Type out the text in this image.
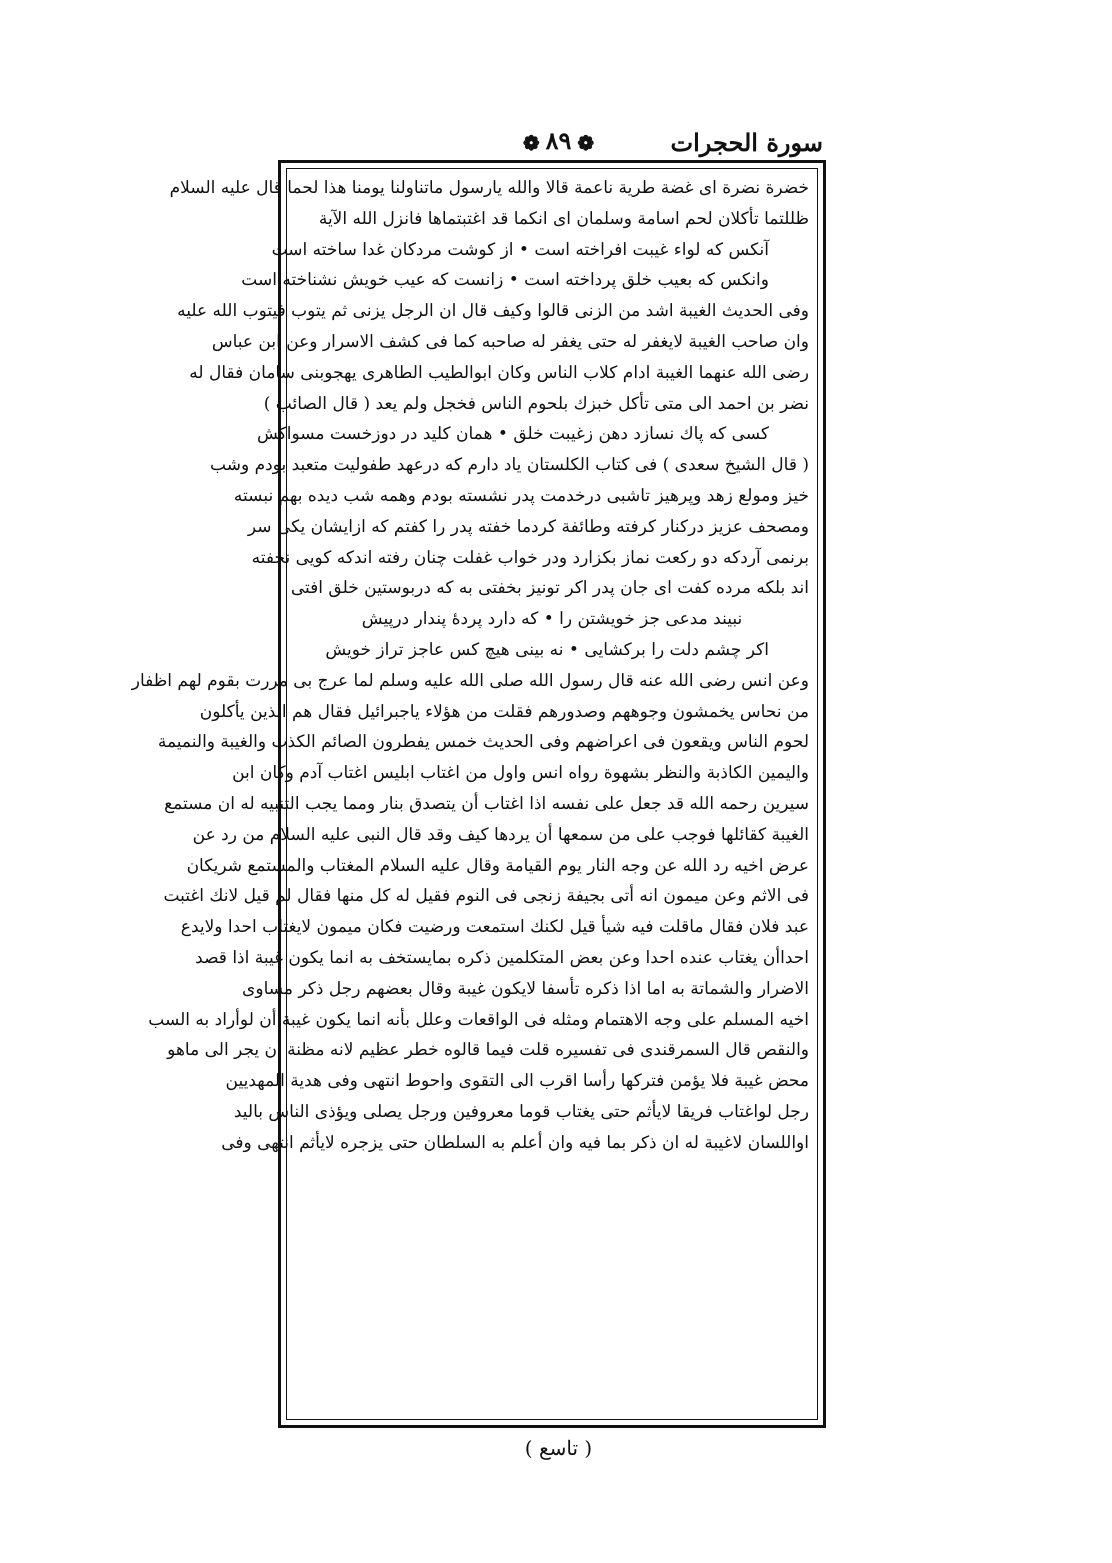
سورة الحجرات
❁ ٨٩ ❁
خضرة نضرة اى غضة طرية ناعمة قالا والله يارسول ماتناولنا يومنا هذا لحما قال عليه السلام
ظللتما تأكلان لحم اسامة وسلمان اى انكما قد اغتبتماها فانزل الله الآية
آنكس كه لواء غيبت افراخته است • از كوشت مردكان غدا ساخته است
وانكس كه بعيب خلق پرداخته است • زانست كه عيب خويش نشناخته است
وفى الحديث الغيبة اشد من الزنى قالوا وكيف قال ان الرجل يزنى ثم يتوب فيتوب الله عليه
وان صاحب الغيبة لايغفر له حتى يغفر له صاحبه كما فى كشف الاسرار وعن ابن عباس
رضى الله عنهما الغيبة ادام كلاب الناس وكان ابوالطيب الطاهرى يهجوبنى سامان فقال له
نضر بن احمد الى متى تأكل خبزك بلحوم الناس فخجل ولم يعد ( قال الصائب )
كسى كه پاك نسازد دهن زغيبت خلق • همان كليد در دوزخست مسواكش
( قال الشيخ سعدى ) فى كتاب الكلستان ياد دارم كه درعهد طفوليت متعبد بودم وشب
خيز ومولع زهد وپرهيز تاشبى درخدمت پدر نشسته بودم وهمه شب ديده بهم نبسته
ومصحف عزيز دركنار كرفته وطائفة كردما خفته پدر را كفتم كه ازايشان يكى سر
برنمى آردكه دو ركعت نماز بكزارد ودر خواب غفلت چنان رفته اندكه كويى نخفته
اند بلكه مرده كفت اى جان پدر اكر تونيز بخفتى به كه دربوستين خلق افتى
نبيند مدعى جز خويشتن را • كه دارد پردهٔ پندار درپيش
اكر چشم دلت را بركشايى • نه بينى هيچ كس عاجز تراز خويش
وعن انس رضى الله عنه قال رسول الله صلى الله عليه وسلم لما عرج بى مررت بقوم لهم اظفار
من نحاس يخمشون وجوههم وصدورهم فقلت من هؤلاء ياجبرائيل فقال هم الذين يأكلون
لحوم الناس ويقعون فى اعراضهم وفى الحديث خمس يفطرون الصائم الكذب والغيبة والنميمة
واليمين الكاذبة والنظر بشهوة رواه انس واول من اغتاب ابليس اغتاب آدم وكان ابن
سيرين رحمه الله قد جعل على نفسه اذا اغتاب أن يتصدق بنار ومما يجب التنبيه له ان مستمع
الغيبة كقائلها فوجب على من سمعها أن يردها كيف وقد قال النبى عليه السلام من رد عن
عرض اخيه رد الله عن وجه النار يوم القيامة وقال عليه السلام المغتاب والمستمع شريكان
فى الاثم وعن ميمون انه أتى بجيفة زنجى فى النوم فقيل له كل منها فقال لم قيل لانك اغتبت
عبد فلان فقال ماقلت فيه شيأ قيل لكنك استمعت ورضيت فكان ميمون لايغتاب احدا ولايدع
احداأن يغتاب عنده احدا وعن بعض المتكلمين ذكره بمايستخف به انما يكون غيبة اذا قصد
الاضرار والشماتة به اما اذا ذكره تأسفا لايكون غيبة وقال بعضهم رجل ذكر مساوى
اخيه المسلم على وجه الاهتمام ومثله فى الواقعات وعلل بأنه انما يكون غيبة أن لوأراد به السب
والنقص قال السمرقندى فى تفسيره قلت فيما قالوه خطر عظيم لانه مظنة أن يجر الى ماهو
محض غيبة فلا يؤمن فتركها رأسا اقرب الى التقوى واحوط انتهى وفى هدية المهديين
رجل لواغتاب فريقا لايأثم حتى يغتاب قوما معروفين ورجل يصلى ويؤذى الناس باليد
اواللسان لاغيبة له ان ذكر بما فيه وان أعلم به السلطان حتى يزجره لايأثم انتهى وفى
( تاسع )
